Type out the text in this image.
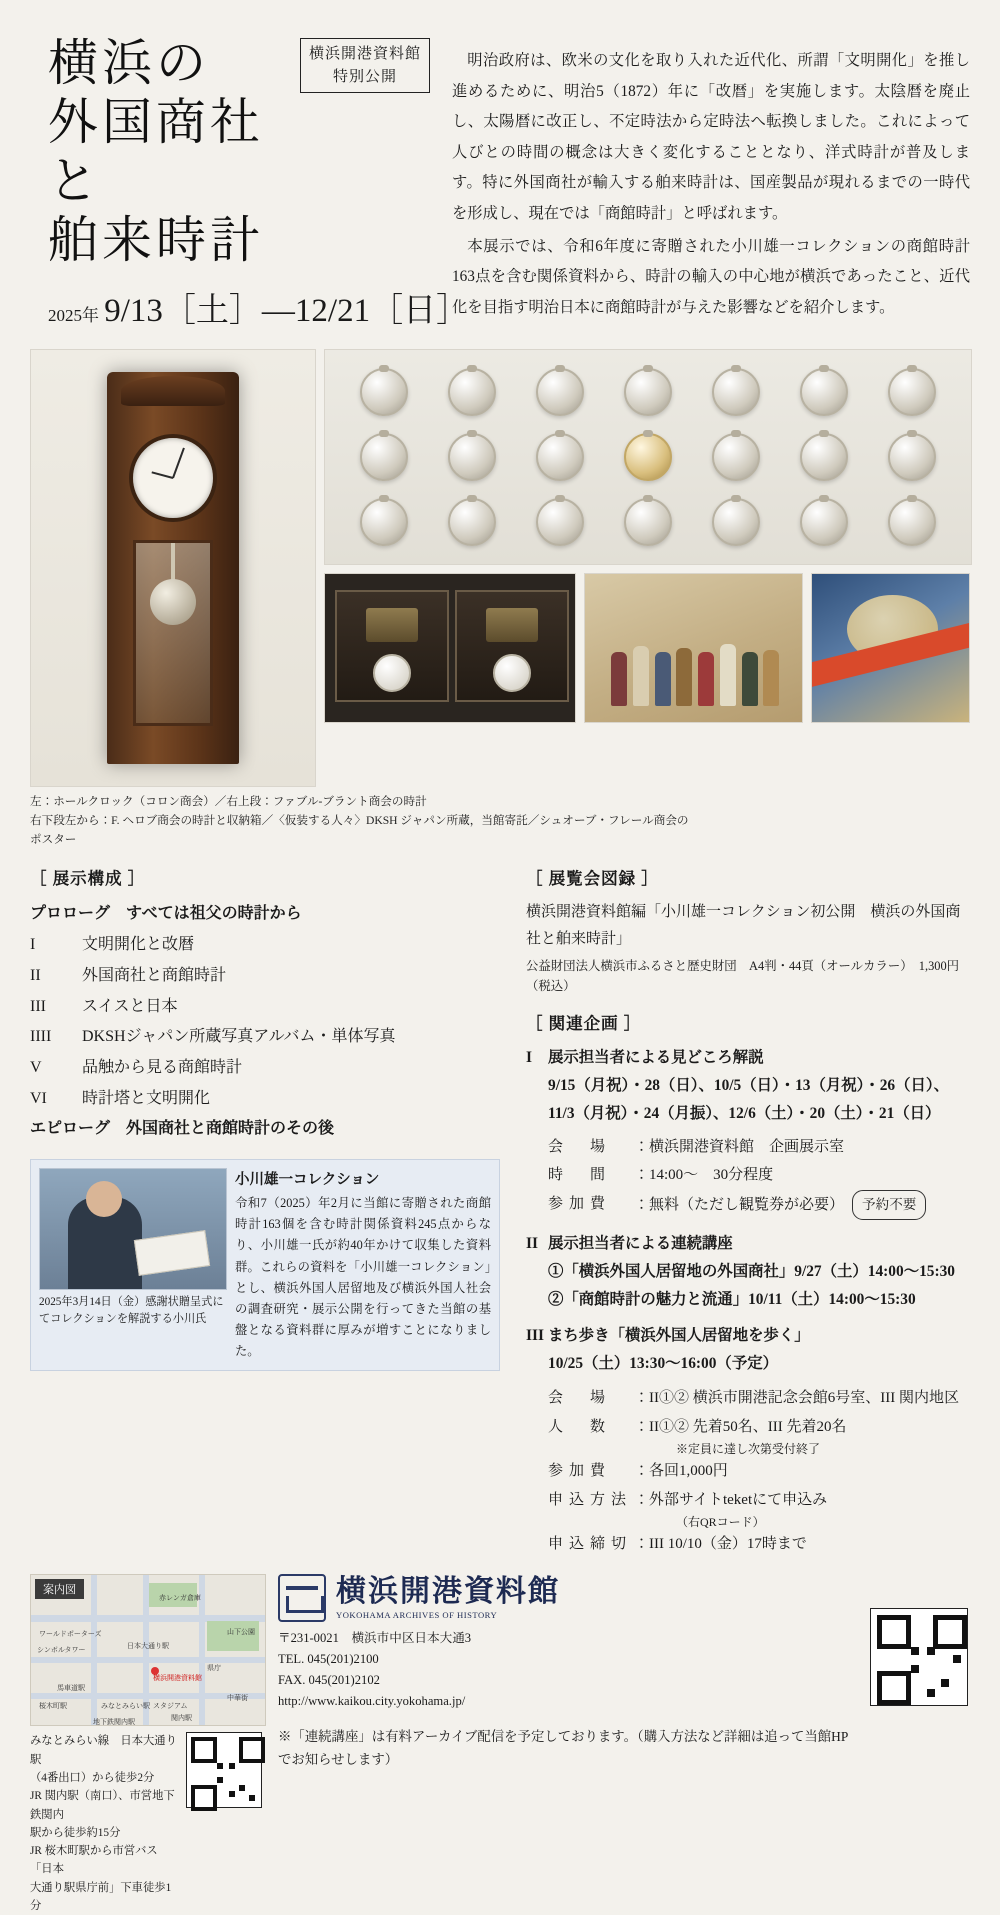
横浜の
外国商社と
舶来時計
横浜開港資料館
特別公開
2025年 9/13［土］―12/21［日］

明治政府は、欧米の文化を取り入れた近代化、所謂「文明開化」を推し進めるために、明治5（1872）年に「改暦」を実施します。太陰暦を廃止し、太陽暦に改正し、不定時法から定時法へ転換しました。これによって人びとの時間の概念は大きく変化することとなり、洋式時計が普及します。特に外国商社が輸入する舶来時計は、国産製品が現れるまでの一時代を形成し、現在では「商館時計」と呼ばれます。

本展示では、令和6年度に寄贈された小川雄一コレクションの商館時計163点を含む関係資料から、時計の輸入の中心地が横浜であったこと、近代化を目指す明治日本に商館時計が与えた影響などを紹介します。

左：ホールクロック（コロン商会）／右上段：ファブル‐ブラント商会の時計
右下段左から：F. ヘロブ商会の時計と収納箱／〈仮装する人々〉DKSH ジャパン所蔵，当館寄託／シュオーブ・フレール商会の
ポスター
［ 展示構成 ］
プロローグ　すべては祖父の時計から
I	文明開化と改暦
II	外国商社と商館時計
III	スイスと日本
IIII	DKSHジャパン所蔵写真アルバム・単体写真
V	品触から見る商館時計
VI	時計塔と文明開化
エピローグ　外国商社と商館時計のその後
2025年3月14日（金）感謝状贈呈式にてコレクションを解説する小川氏
小川雄一コレクション
令和7（2025）年2月に当館に寄贈された商館時計163個を含む時計関係資料245点からなり、小川雄一氏が約40年かけて収集した資料群。これらの資料を「小川雄一コレクション」とし、横浜外国人居留地及び横浜外国人社会の調査研究・展示公開を行ってきた当館の基盤となる資料群に厚みが増すことになりました。
［ 展覧会図録 ］
横浜開港資料館編「小川雄一コレクション初公開　横浜の外国商社と舶来時計」
公益財団法人横浜市ふるさと歴史財団　A4判・44頁（オールカラー）　1,300円（税込）
［ 関連企画 ］
I 展示担当者による見どころ解説
9/15（月祝）・28（日）、10/5（日）・13（月祝）・26（日）、
11/3（月祝）・24（月振）、12/6（土）・20（土）・21（日）
会　場	：横浜開港資料館　企画展示室
時　間	：14:00～　30分程度
参加費	：無料（ただし観覧券が必要） 予約不要
II 展示担当者による連続講座
①「横浜外国人居留地の外国商社」9/27（土）14:00～15:30
②「商館時計の魅力と流通」10/11（土）14:00～15:30
III まち歩き「横浜外国人居留地を歩く」
10/25（土）13:30～16:00（予定）
会　場	：II①② 横浜市開港記念会館6号室、III 関内地区
人　数	：II①② 先着50名、III 先着20名
※定員に達し次第受付終了
参加費	：各回1,000円
申込方法 ：外部サイトteketにて申込み
（右QRコード）
申込締切 ：III 10/10（金）17時まで
案内図
横浜開港資料館
ワールドポーターズ
赤レンガ倉庫
山下公園
みなとみらい駅
馬車道駅
日本大通り駅
関内駅
桜木町駅
県庁
中華街
スタジアム
シンボルタワー
地下鉄関内駅
みなとみらい線　日本大通り駅
（4番出口）から徒歩2分
JR 関内駅（南口）、市営地下鉄関内
駅から徒歩約15分
JR 桜木町駅から市営バス「日本
大通り駅県庁前」下車徒歩1分
横浜開港資料館
YOKOHAMA ARCHIVES OF HISTORY
〒231-0021　横浜市中区日本大通3
TEL. 045(201)2100
FAX. 045(201)2102
http://www.kaikou.city.yokohama.jp/
※「連続講座」は有料アーカイブ配信を予定しております。（購入方法など詳細は追って当館HPでお知らせします）
